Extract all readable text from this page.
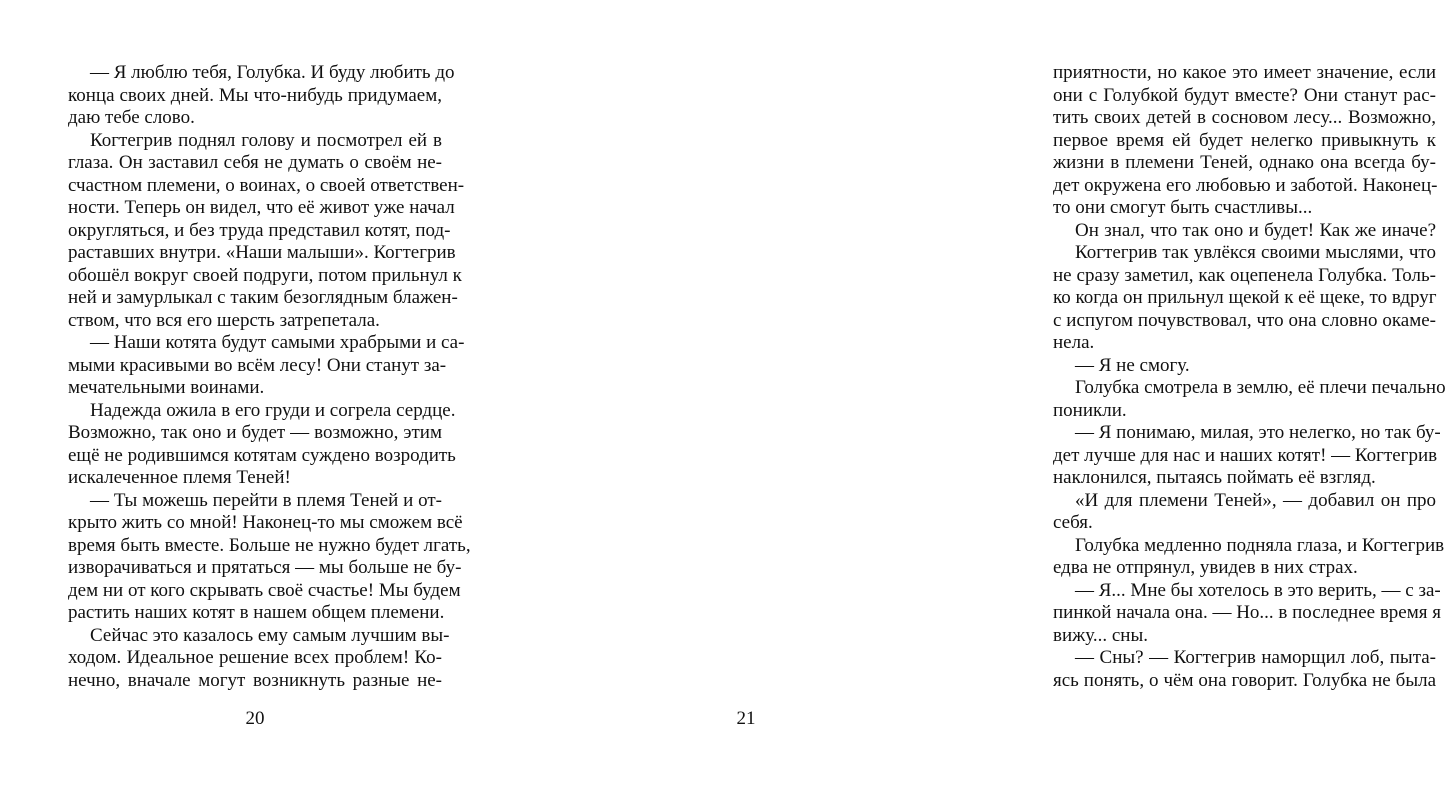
— Я люблю тебя, Голубка. И буду любить до
конца своих дней. Мы что-нибудь придумаем,
даю тебе слово.
Когтегрив поднял голову и посмотрел ей в
глаза. Он заставил себя не думать о своём не-
счастном племени, о воинах, о своей ответствен-
ности. Теперь он видел, что её живот уже начал
округляться, и без труда представил котят, под-
раставших внутри. «Наши малыши». Когтегрив
обошёл вокруг своей подруги, потом прильнул к
ней и замурлыкал с таким безоглядным блажен-
ством, что вся его шерсть затрепетала.
— Наши котята будут самыми храбрыми и са-
мыми красивыми во всём лесу! Они станут за-
мечательными воинами.
Надежда ожила в его груди и согрела сердце.
Возможно, так оно и будет — возможно, этим
ещё не родившимся котятам суждено возродить
искалеченное племя Теней!
— Ты можешь перейти в племя Теней и от-
крыто жить со мной! Наконец-то мы сможем всё
время быть вместе. Больше не нужно будет лгать,
изворачиваться и прятаться — мы больше не бу-
дем ни от кого скрывать своё счастье! Мы будем
растить наших котят в нашем общем племени.
Сейчас это казалось ему самым лучшим вы-
ходом. Идеальное решение всех проблем! Ко-
нечно, вначале могут возникнуть разные не-
приятности, но какое это имеет значение, если
они с Голубкой будут вместе? Они станут рас-
тить своих детей в сосновом лесу... Возможно,
первое время ей будет нелегко привыкнуть к
жизни в племени Теней, однако она всегда бу-
дет окружена его любовью и заботой. Наконец-
то они смогут быть счастливы...
Он знал, что так оно и будет! Как же иначе?
Когтегрив так увлёкся своими мыслями, что
не сразу заметил, как оцепенела Голубка. Толь-
ко когда он прильнул щекой к её щеке, то вдруг
с испугом почувствовал, что она словно окаме-
нела.
— Я не смогу.
Голубка смотрела в землю, её плечи печально
поникли.
— Я понимаю, милая, это нелегко, но так бу-
дет лучше для нас и наших котят! — Когтегрив
наклонился, пытаясь поймать её взгляд.
«И для племени Теней», — добавил он про
себя.
Голубка медленно подняла глаза, и Когтегрив
едва не отпрянул, увидев в них страх.
— Я... Мне бы хотелось в это верить, — с за-
пинкой начала она. — Но... в последнее время я
вижу... сны.
— Сны? — Когтегрив наморщил лоб, пыта-
ясь понять, о чём она говорит. Голубка не была
20	21
